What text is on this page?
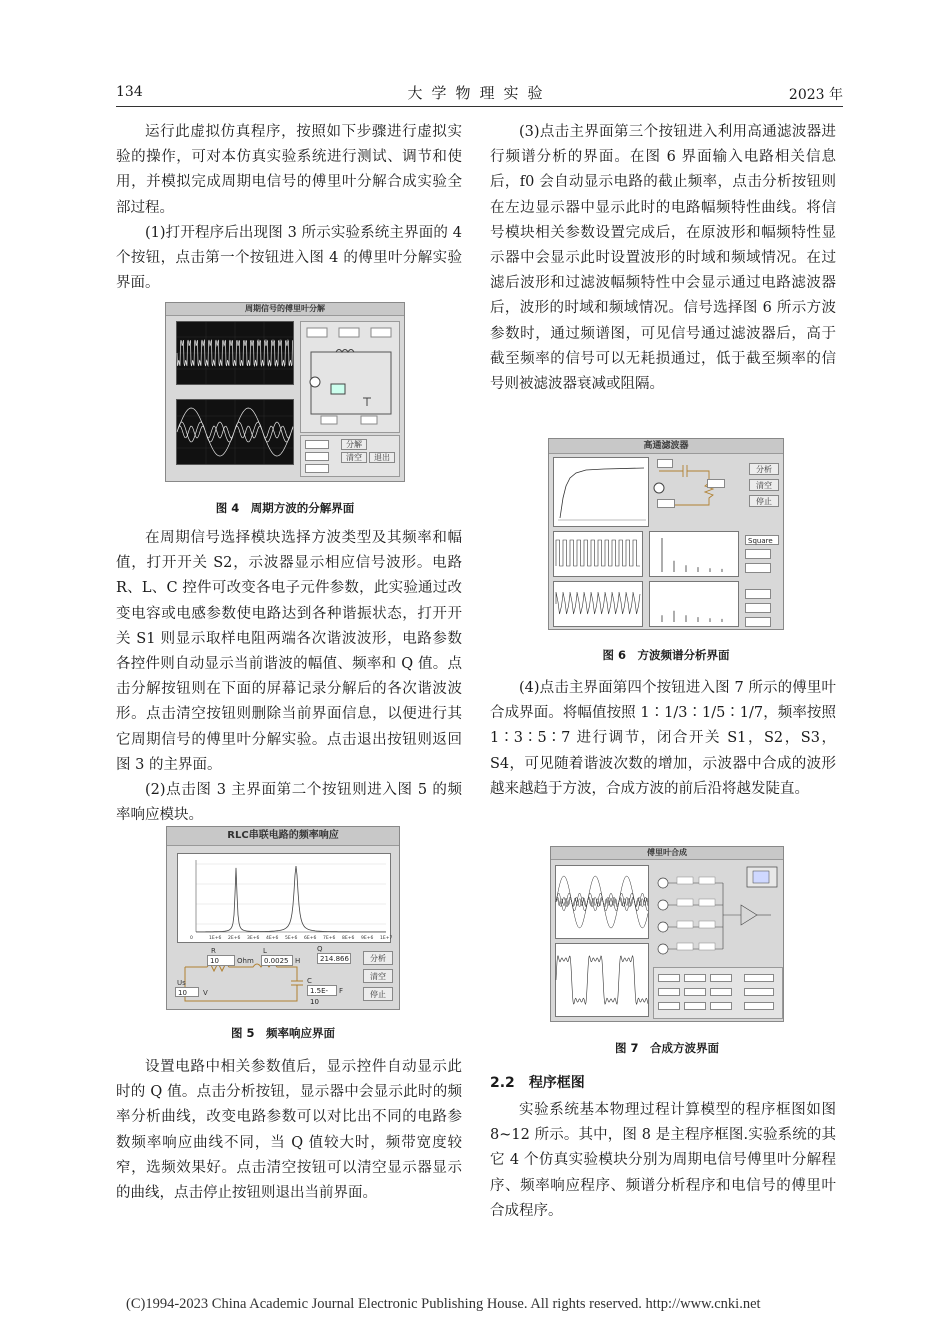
134	大学物理实验	2023 年

运行此虚拟仿真程序，按照如下步骤进行虚拟实验的操作，可对本仿真实验系统进行测试、调节和使用，并模拟完成周期电信号的傅里叶分解合成实验全部过程。

(1)打开程序后出现图 3 所示实验系统主界面的 4 个按钮，点击第一个按钮进入图 4 的傅里叶分解实验界面。

周期信号的傅里叶分解
分解
清空	退出
图 4　周期方波的分解界面

在周期信号选择模块选择方波类型及其频率和幅值，打开开关 S2，示波器显示相应信号波形。电路 R、L、C 控件可改变各电子元件参数，此实验通过改变电容或电感参数使电路达到各种谐振状态，打开开关 S1 则显示取样电阻两端各次谐波波形，电路参数各控件则自动显示当前谐波的幅值、频率和 Q 值。点击分解按钮则在下面的屏幕记录分解后的各次谐波波形。点击清空按钮则删除当前界面信息，以便进行其它周期信号的傅里叶分解实验。点击退出按钮则返回图 3 的主界面。

(2)点击图 3 主界面第二个按钮则进入图 5 的频率响应模块。

RLC串联电路的频率响应
0	1E+6 2E+6 3E+6 4E+6 5E+6 6E+6 7E+6 8E+6 9E+6 1E+7
R
10	Ohm
L
0.0025 H
Q
214.866
Us
10	V
C
1.5E-10
F
分析
清空
停止
图 5　频率响应界面

设置电路中相关参数值后，显示控件自动显示此时的 Q 值。点击分析按钮，显示器中会显示此时的频率分析曲线，改变电路参数可以对比出不同的电路参数频率响应曲线不同，当 Q 值较大时，频带宽度较窄，选频效果好。点击清空按钮可以清空显示器显示的曲线，点击停止按钮则退出当前界面。

(3)点击主界面第三个按钮进入利用高通滤波器进行频谱分析的界面。在图 6 界面输入电路相关信息后，f0 会自动显示电路的截止频率，点击分析按钮则在左边显示器中显示此时的电路幅频特性曲线。将信号模块相关参数设置完成后，在原波形和幅频特性显示器中会显示此时设置波形的时域和频域情况。在过滤后波形和过滤波幅频特性中会显示通过电路滤波器后，波形的时域和频域情况。信号选择图 6 所示方波参数时，通过频谱图，可见信号通过滤波器后，高于截至频率的信号可以无耗损通过，低于截至频率的信号则被滤波器衰减或阻隔。

高通滤波器
分析
清空
停止
Square
图 6　方波频谱分析界面

(4)点击主界面第四个按钮进入图 7 所示的傅里叶合成界面。将幅值按照 1∶1/3∶1/5∶1/7，频率按照 1∶3∶5∶7 进行调节，闭合开关 S1，S2，S3，S4，可见随着谐波次数的增加，示波器中合成的波形越来越趋于方波，合成方波的前后沿将越发陡直。

傅里叶合成
图 7　合成方波界面
2.2 程序框图

实验系统基本物理过程计算模型的程序框图如图 8~12 所示。其中，图 8 是主程序框图.实验系统的其它 4 个仿真实验模块分别为周期电信号傅里叶分解程序、频率响应程序、频谱分析程序和电信号的傅里叶合成程序。

(C)1994-2023 China Academic Journal Electronic Publishing House. All rights reserved. http://www.cnki.net
